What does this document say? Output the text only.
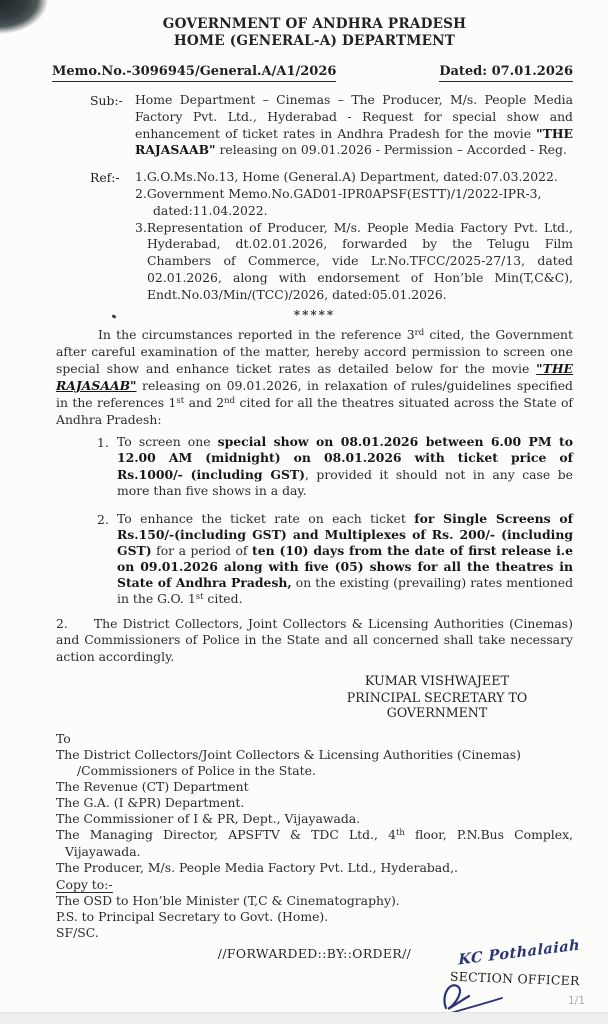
GOVERNMENT OF ANDHRA PRADESH
HOME (GENERAL-A) DEPARTMENT
Memo.No.-3096945/General.A/A1/2026	Dated: 07.01.2026
Sub:- Home Department – Cinemas – The Producer, M/s. People Media Factory Pvt. Ltd., Hyderabad - Request for special show and enhancement of ticket rates in Andhra Pradesh for the movie "THE RAJASAAB" releasing on 09.01.2026 - Permission – Accorded - Reg.
Ref:-	1.G.O.Ms.No.13, Home (General.A) Department, dated:07.03.2022.
2.Government Memo.No.GAD01-IPR0APSF(ESTT)/1/2022-IPR-3,
dated:11.04.2022.
3.Representation of Producer, M/s. People Media Factory Pvt. Ltd., Hyderabad, dt.02.01.2026, forwarded by the Telugu Film Chambers of Commerce, vide Lr.No.TFCC/2025-27/13, dated 02.01.2026, along with endorsement of Hon’ble Min(T,C&C), Endt.No.03/Min/(TCC)/2026, dated:05.01.2026.
*****
In the circumstances reported in the reference 3rd cited, the Government after careful examination of the matter, hereby accord permission to screen one special show and enhance ticket rates as detailed below for the movie "THE RAJASAAB" releasing on 09.01.2026, in relaxation of rules/guidelines specified in the references 1st and 2nd cited for all the theatres situated across the State of Andhra Pradesh:
1. To screen one special show on 08.01.2026 between 6.00 PM to 12.00 AM (midnight) on 08.01.2026 with ticket price of Rs.1000/- (including GST), provided it should not in any case be more than five shows in a day.
2. To enhance the ticket rate on each ticket for Single Screens of Rs.150/-(including GST) and Multiplexes of Rs. 200/- (including GST) for a period of ten (10) days from the date of first release i.e on 09.01.2026 along with five (05) shows for all the theatres in State of Andhra Pradesh, on the existing (prevailing) rates mentioned in the G.O. 1st cited.
2. The District Collectors, Joint Collectors & Licensing Authorities (Cinemas) and Commissioners of Police in the State and all concerned shall take necessary action accordingly.
KUMAR VISHWAJEET
PRINCIPAL SECRETARY TO GOVERNMENT
To
The District Collectors/Joint Collectors & Licensing Authorities (Cinemas)
/Commissioners of Police in the State.
The Revenue (CT) Department
The G.A. (I &PR) Department.
The Commissioner of I & PR, Dept., Vijayawada.
The Managing Director, APSFTV & TDC Ltd., 4th floor, P.N.Bus Complex,
Vijayawada.
The Producer, M/s. People Media Factory Pvt. Ltd., Hyderabad,.
Copy to:-
The OSD to Hon’ble Minister (T,C & Cinematography).
P.S. to Principal Secretary to Govt. (Home).
SF/SC.
//FORWARDED::BY::ORDER//	KC Pothalaiah
SECTION OFFICER
1/1
